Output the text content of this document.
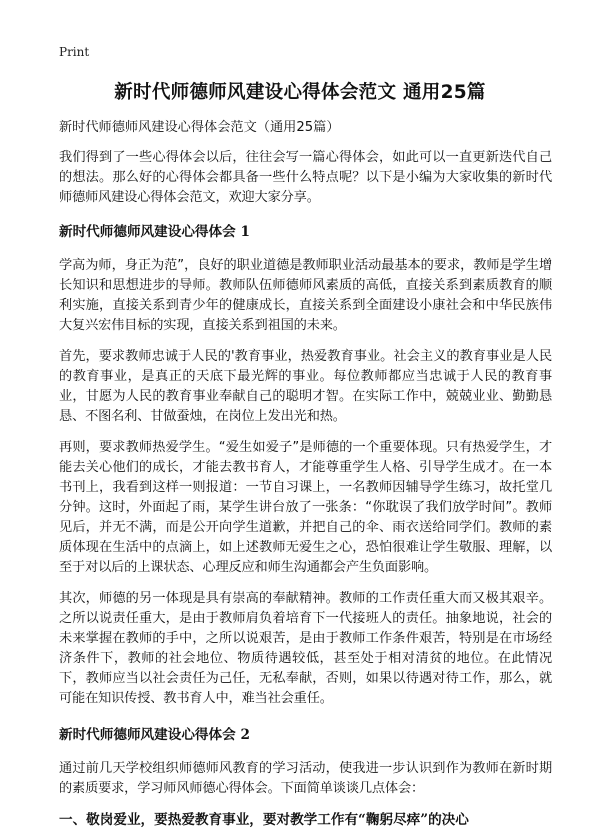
Print
新时代师德师风建设心得体会范文 通用25篇
新时代师德师风建设心得体会范文（通用25篇）

我们得到了一些心得体会以后，往往会写一篇心得体会，如此可以一直更新迭代自己的想法。那么好的心得体会都具备一些什么特点呢？以下是小编为大家收集的新时代师德师风建设心得体会范文，欢迎大家分享。

新时代师德师风建设心得体会 1

学高为师，身正为范”，良好的职业道德是教师职业活动最基本的要求，教师是学生增长知识和思想进步的导师。教师队伍师德师风素质的高低，直接关系到素质教育的顺利实施，直接关系到青少年的健康成长，直接关系到全面建设小康社会和中华民族伟大复兴宏伟目标的实现，直接关系到祖国的未来。

首先，要求教师忠诚于人民的'教育事业，热爱教育事业。社会主义的教育事业是人民的教育事业，是真正的天底下最光辉的事业。每位教师都应当忠诚于人民的教育事业，甘愿为人民的教育事业奉献自己的聪明才智。在实际工作中，兢兢业业、勤勤恳恳、不图名利、甘做蚕烛，在岗位上发出光和热。

再则，要求教师热爱学生。“爱生如爱子”是师德的一个重要体现。只有热爱学生，才能去关心他们的成长，才能去教书育人，才能尊重学生人格、引导学生成才。在一本书刊上，我看到这样一则报道：一节自习课上，一名教师因辅导学生练习，故托堂几分钟。这时，外面起了雨，某学生讲台放了一张条：“你耽误了我们放学时间”。教师见后，并无不满，而是公开向学生道歉，并把自己的伞、雨衣送给同学们。教师的素质体现在生活中的点滴上，如上述教师无爱生之心，恐怕很难让学生敬服、理解，以至于对以后的上课状态、心理反应和师生沟通都会产生负面影响。

其次，师德的另一体现是具有崇高的奉献精神。教师的工作责任重大而又极其艰辛。之所以说责任重大，是由于教师肩负着培育下一代接班人的责任。抽象地说，社会的未来掌握在教师的手中，之所以说艰苦，是由于教师工作条件艰苦，特别是在市场经济条件下，教师的社会地位、物质待遇较低，甚至处于相对清贫的地位。在此情况下，教师应当以社会责任为己任，无私奉献，否则，如果以待遇对待工作，那么，就可能在知识传授、教书育人中，难当社会重任。

新时代师德师风建设心得体会 2

通过前几天学校组织师德师风教育的学习活动，使我进一步认识到作为教师在新时期的素质要求，学习师风师德心得体会。下面简单谈谈几点体会：

一、敬岗爱业，要热爱教育事业，要对教学工作有“鞠躬尽瘁”的决心
